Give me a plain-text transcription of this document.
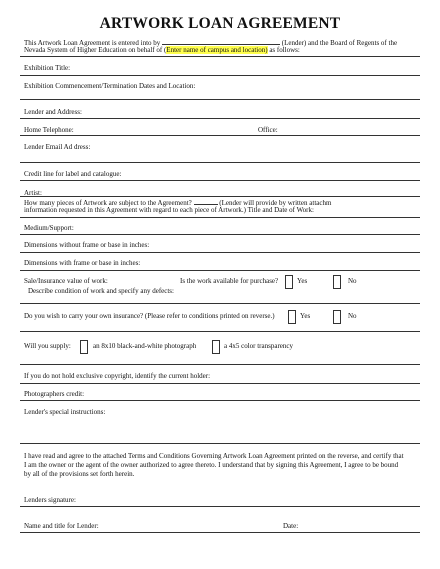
ARTWORK LOAN AGREEMENT
This Artwork Loan Agreement is entered into by	(Lender) and the Board of Regents of the
Nevada System of Higher Education on behalf of (Enter name of campus and location) as follows:
Exhibition Title:
Exhibition Commencement/Termination Dates and Location:
Lender and Address:
Home Telephone:	Office:
Lender Email Ad dress:
Credit line for label and catalogue:
Artist:
How many pieces of Artwork are subject to the Agreement?	(Lender will provide by written attachm
information requested in this Agreement with regard to each piece of Artwork.) Title and Date of Work:
Medium/Support:
Dimensions without frame or base in inches:
Dimensions with frame or base in inches:
Sale/Insurance value of work:	Is the work available for purchase?	Yes	No
Describe condition of work and specify any defects:
Do you wish to carry your own insurance? (Please refer to conditions printed on reverse.)	Yes	No
Will you supply:	an 8x10 black-and-white photograph	a 4x5 color transparency
If you do not hold exclusive copyright, identify the current holder:
Photographers credit:
Lender's special instructions:
I have read and agree to the attached Terms and Conditions Governing Artwork Loan Agreement printed on the reverse, and certify that
I am the owner or the agent of the owner authorized to agree thereto. I understand that by signing this Agreement, I agree to be bound
by all of the provisions set forth herein.
Lenders signature:
Name and title for Lender:	Date:
